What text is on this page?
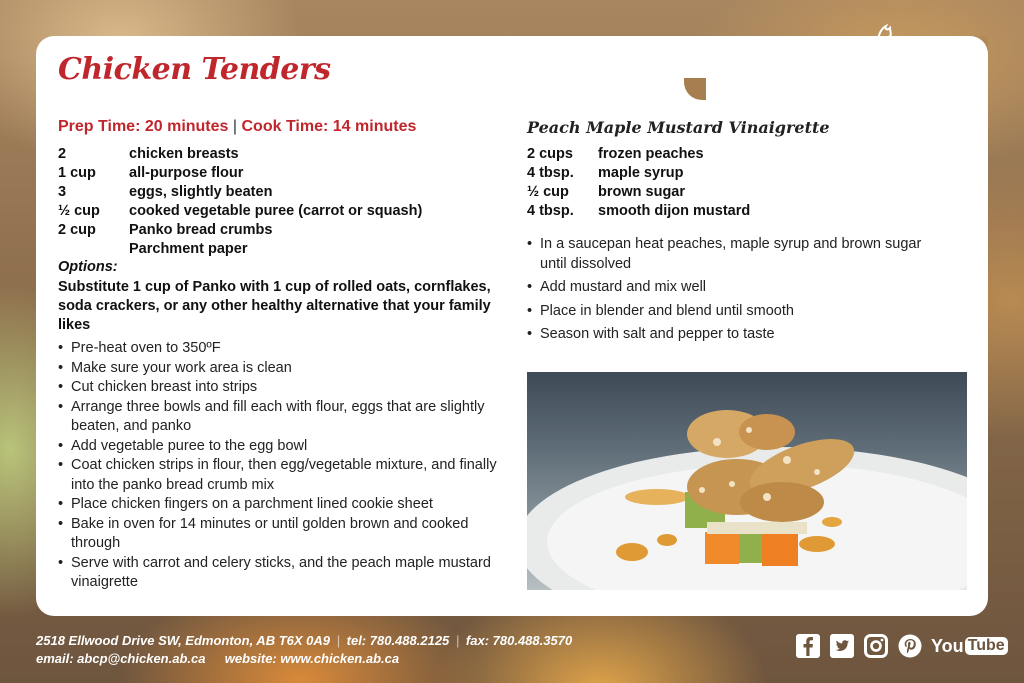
Alberta	Chicken
PRODUCERS
Chicken Tenders
Prep Time: 20 minutes | Cook Time: 14 minutes
2	chicken breasts
1 cup	all-purpose flour
3	eggs, slightly beaten
½ cup	cooked vegetable puree (carrot or squash)
2 cup	Panko bread crumbs
Parchment paper
Options:
Substitute 1 cup of Panko with 1 cup of rolled oats, cornflakes, soda crackers, or any other healthy alternative that your family likes
• Pre-heat oven to 350ºF
• Make sure your work area is clean
• Cut chicken breast into strips
• Arrange three bowls and fill each with flour, eggs that are slightly beaten, and panko
• Add vegetable puree to the egg bowl
• Coat chicken strips in flour, then egg/vegetable mixture, and finally into the panko bread crumb mix
• Place chicken fingers on a parchment lined cookie sheet
• Bake in oven for 14 minutes or until golden brown and cooked through
• Serve with carrot and celery sticks, and the peach maple mustard vinaigrette
Peach Maple Mustard Vinaigrette
2 cups	frozen peaches
4 tbsp.	maple syrup
½ cup	brown sugar
4 tbsp.	smooth dijon mustard
• In a saucepan heat peaches, maple syrup and brown sugar until dissolved
• Add mustard and mix well
• Place in blender and blend until smooth
• Season with salt and pepper to taste
2518 Ellwood Drive SW, Edmonton, AB T6X 0A9 | tel: 780.488.2125 | fax: 780.488.3570
email: abcp@chicken.ab.ca website: www.chicken.ab.ca
You Tube
